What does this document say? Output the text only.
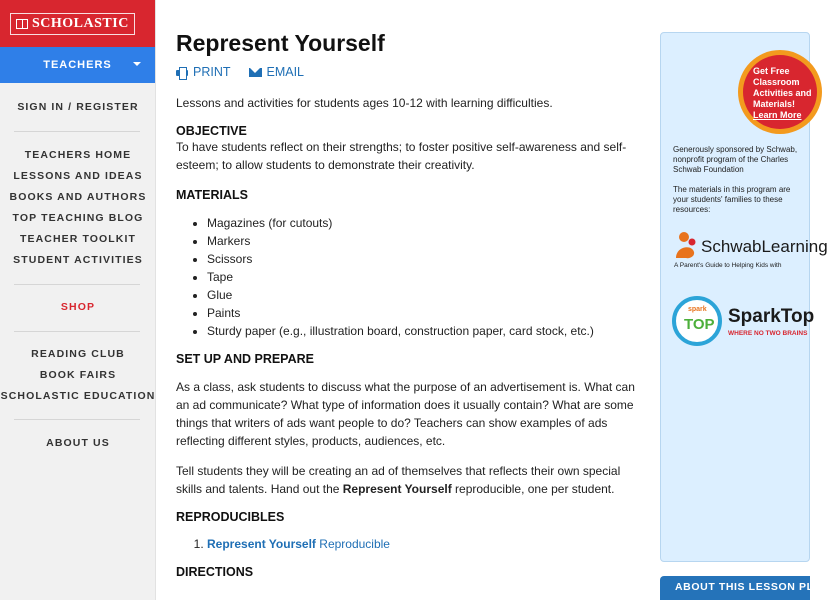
SCHOLASTIC
TEACHERS
SIGN IN / REGISTER
TEACHERS HOME
LESSONS AND IDEAS
BOOKS AND AUTHORS
TOP TEACHING BLOG
TEACHER TOOLKIT
STUDENT ACTIVITIES
SHOP
READING CLUB
BOOK FAIRS
SCHOLASTIC EDUCATION
ABOUT US
Represent Yourself
PRINT	EMAIL

Lessons and activities for students ages 10-12 with learning difficulties.

OBJECTIVE

To have students reflect on their strengths; to foster positive self-awareness and self-
esteem; to allow students to demonstrate their creativity.

MATERIALS
• Magazines (for cutouts)
• Markers
• Scissors
• Tape
• Glue
• Paints
• Sturdy paper (e.g., illustration board, construction paper, card stock, etc.)
SET UP AND PREPARE

As a class, ask students to discuss what the purpose of an advertisement is. What can
an ad communicate? What type of information does it usually contain? What are some
things that writers of ads want people to do? Teachers can show examples of ads
reflecting different styles, products, audiences, etc.

Tell students they will be creating an ad of themselves that reflects their own special
skills and talents. Hand out the Represent Yourself reproducible, one per student.

REPRODUCIBLES
1. Represent Yourself Reproducible
DIRECTIONS
Get Free
Classroom
Activities and
Materials!
Learn More
Generously sponsored by Schwab,
nonprofit program of the Charles
Schwab Foundation

The materials in this program are
your students' families to these
resources:
SchwabLearning
A Parent's Guide to Helping Kids with
spark
TOP SparkTop
WHERE NO TWO BRAINS
ABOUT THIS LESSON PLAN
